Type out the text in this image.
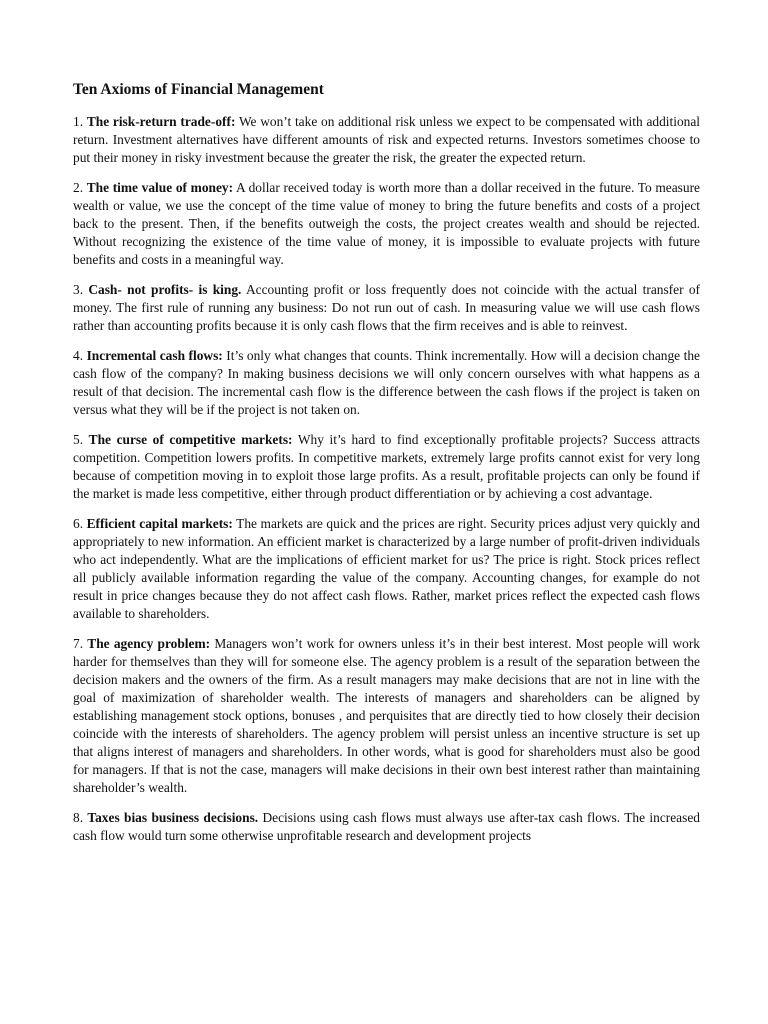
Ten Axioms of Financial Management

1. The risk-return trade-off: We won’t take on additional risk unless we expect to be compensated with additional return. Investment alternatives have different amounts of risk and expected returns. Investors sometimes choose to put their money in risky investment because the greater the risk, the greater the expected return.

2. The time value of money: A dollar received today is worth more than a dollar received in the future. To measure wealth or value, we use the concept of the time value of money to bring the future benefits and costs of a project back to the present. Then, if the benefits outweigh the costs, the project creates wealth and should be rejected. Without recognizing the existence of the time value of money, it is impossible to evaluate projects with future benefits and costs in a meaningful way.

3. Cash- not profits- is king. Accounting profit or loss frequently does not coincide with the actual transfer of money. The first rule of running any business: Do not run out of cash. In measuring value we will use cash flows rather than accounting profits because it is only cash flows that the firm receives and is able to reinvest.

4. Incremental cash flows: It’s only what changes that counts. Think incrementally. How will a decision change the cash flow of the company? In making business decisions we will only concern ourselves with what happens as a result of that decision. The incremental cash flow is the difference between the cash flows if the project is taken on versus what they will be if the project is not taken on.

5. The curse of competitive markets: Why it’s hard to find exceptionally profitable projects? Success attracts competition. Competition lowers profits. In competitive markets, extremely large profits cannot exist for very long because of competition moving in to exploit those large profits. As a result, profitable projects can only be found if the market is made less competitive, either through product differentiation or by achieving a cost advantage.

6. Efficient capital markets: The markets are quick and the prices are right. Security prices adjust very quickly and appropriately to new information. An efficient market is characterized by a large number of profit-driven individuals who act independently. What are the implications of efficient market for us? The price is right. Stock prices reflect all publicly available information regarding the value of the company. Accounting changes, for example do not result in price changes because they do not affect cash flows. Rather, market prices reflect the expected cash flows available to shareholders.

7. The agency problem: Managers won’t work for owners unless it’s in their best interest. Most people will work harder for themselves than they will for someone else. The agency problem is a result of the separation between the decision makers and the owners of the firm. As a result managers may make decisions that are not in line with the goal of maximization of shareholder wealth. The interests of managers and shareholders can be aligned by establishing management stock options, bonuses , and perquisites that are directly tied to how closely their decision coincide with the interests of shareholders. The agency problem will persist unless an incentive structure is set up that aligns interest of managers and shareholders. In other words, what is good for shareholders must also be good for managers. If that is not the case, managers will make decisions in their own best interest rather than maintaining shareholder’s wealth.

8. Taxes bias business decisions. Decisions using cash flows must always use after-tax cash flows. The increased cash flow would turn some otherwise unprofitable research and development projects
